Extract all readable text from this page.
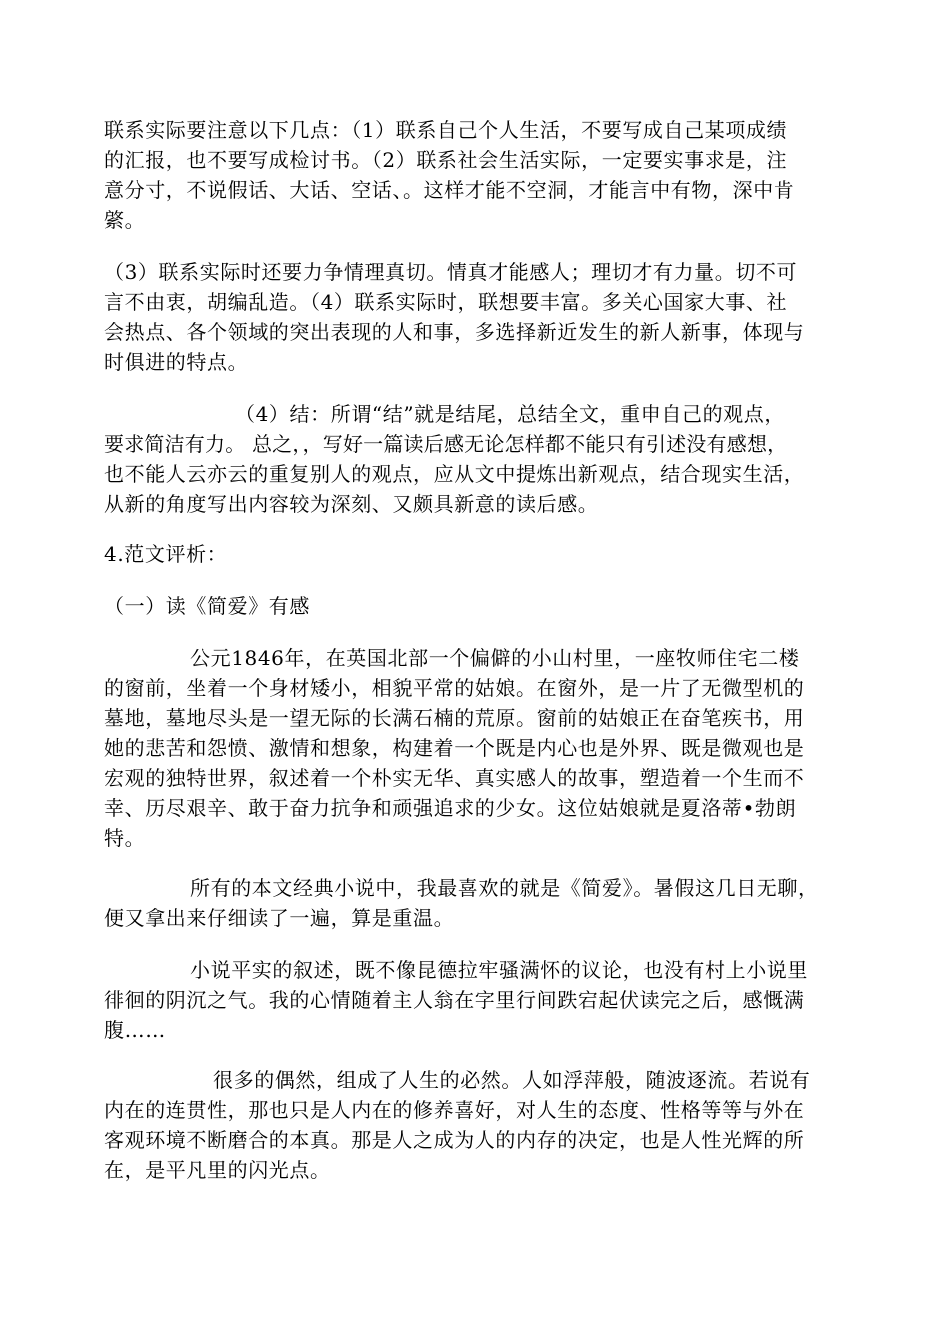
联系实际要注意以下几点：（1）联系自己个人生活，不要写成自己某项成绩
的汇报，也不要写成检讨书。（2）联系社会生活实际，一定要实事求是，注
意分寸，不说假话、大话、空话、。这样才能不空洞，才能言中有物，深中肯
綮。
（3）联系实际时还要力争情理真切。情真才能感人；理切才有力量。切不可
言不由衷，胡编乱造。（4）联系实际时，联想要丰富。多关心国家大事、社
会热点、各个领域的突出表现的人和事，多选择新近发生的新人新事，体现与
时俱进的特点。
（4）结：所谓“结”就是结尾，总结全文，重申自己的观点，
要求简洁有力。 总之，，写好一篇读后感无论怎样都不能只有引述没有感想，
也不能人云亦云的重复别人的观点，应从文中提炼出新观点，结合现实生活，
从新的角度写出内容较为深刻、又颇具新意的读后感。
4.范文评析：
（一）读《简爱》有感
公元1846年，在英国北部一个偏僻的小山村里，一座牧师住宅二楼
的窗前，坐着一个身材矮小，相貌平常的姑娘。在窗外，是一片了无微型机的
墓地，墓地尽头是一望无际的长满石楠的荒原。窗前的姑娘正在奋笔疾书，用
她的悲苦和怨愤、激情和想象，构建着一个既是内心也是外界、既是微观也是
宏观的独特世界，叙述着一个朴实无华、真实感人的故事，塑造着一个生而不
幸、历尽艰辛、敢于奋力抗争和顽强追求的少女。这位姑娘就是夏洛蒂•勃朗
特。
所有的本文经典小说中，我最喜欢的就是《简爱》。暑假这几日无聊，
便又拿出来仔细读了一遍，算是重温。
小说平实的叙述，既不像昆德拉牢骚满怀的议论，也没有村上小说里
徘徊的阴沉之气。我的心情随着主人翁在字里行间跌宕起伏读完之后，感慨满
腹……
很多的偶然，组成了人生的必然。人如浮萍般，随波逐流。若说有
内在的连贯性，那也只是人内在的修养喜好，对人生的态度、性格等等与外在
客观环境不断磨合的本真。那是人之成为人的内存的决定，也是人性光辉的所
在，是平凡里的闪光点。
